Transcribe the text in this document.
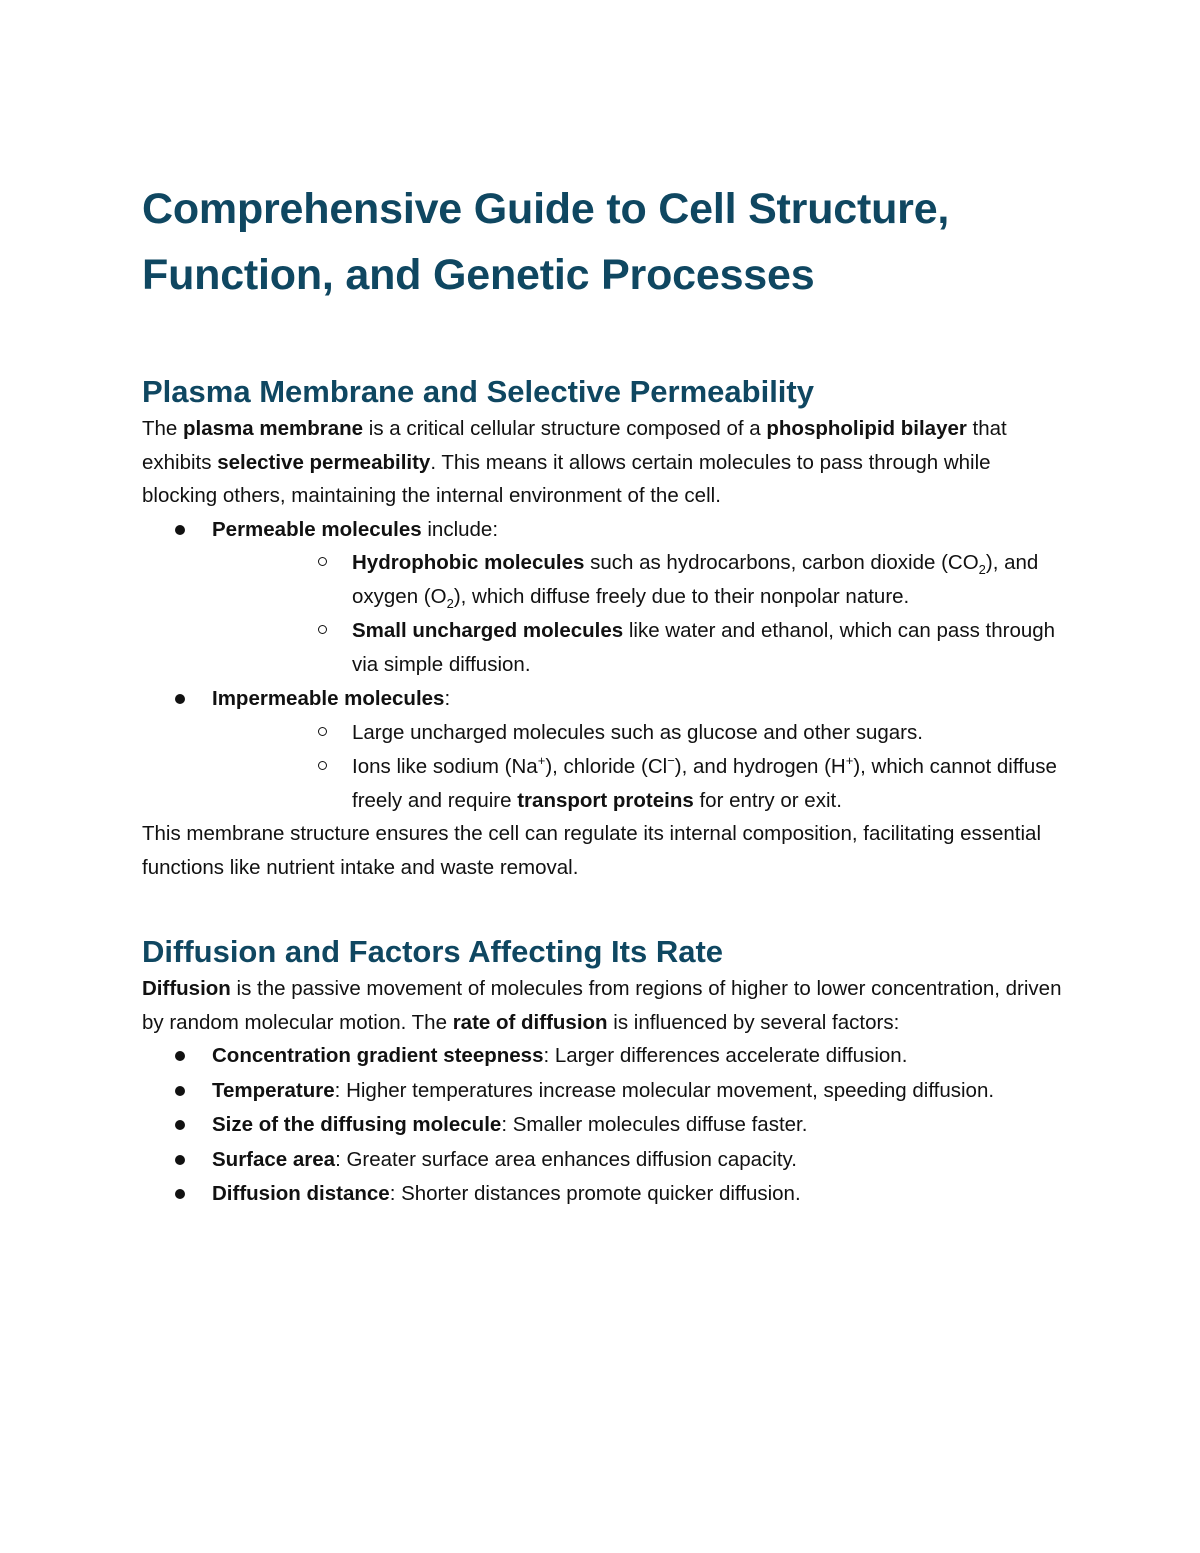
Comprehensive Guide to Cell Structure,
Function, and Genetic Processes
Plasma Membrane and Selective Permeability

The plasma membrane is a critical cellular structure composed of a phospholipid bilayer that exhibits selective permeability. This means it allows certain molecules to pass through while blocking others, maintaining the internal environment of the cell.

Permeable molecules include:
Hydrophobic molecules such as hydrocarbons, carbon dioxide $(CO_2)$, and oxygen $(O_2)$, which diffuse freely due to their nonpolar nature.
Small uncharged molecules like water and ethanol, which can pass through via simple diffusion.
Impermeable molecules:
Large uncharged molecules such as glucose and other sugars.
Ions like sodium (Na+), chloride (Cl−), and hydrogen (H+), which cannot diffuse freely and require transport proteins for entry or exit.

This membrane structure ensures the cell can regulate its internal composition, facilitating essential functions like nutrient intake and waste removal.

Diffusion and Factors Affecting Its Rate

Diffusion is the passive movement of molecules from regions of higher to lower concentration, driven by random molecular motion. The rate of diffusion is influenced by several factors:

Concentration gradient steepness: Larger differences accelerate diffusion.
Temperature: Higher temperatures increase molecular movement, speeding diffusion.
Size of the diffusing molecule: Smaller molecules diffuse faster.
Surface area: Greater surface area enhances diffusion capacity.
Diffusion distance: Shorter distances promote quicker diffusion.
